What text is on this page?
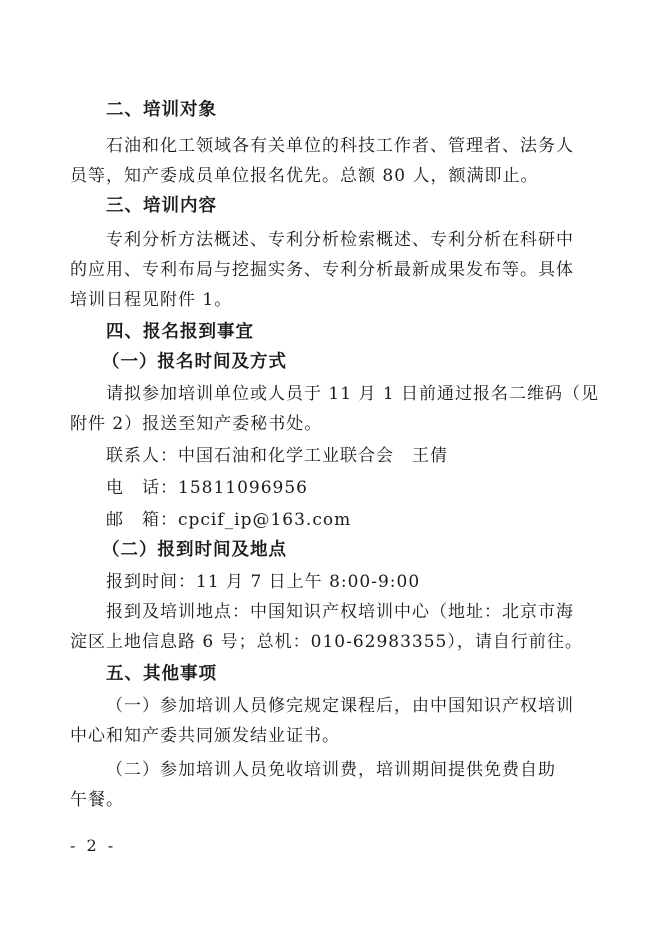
二、培训对象
石油和化工领域各有关单位的科技工作者、管理者、法务人
员等，知产委成员单位报名优先。总额 80 人，额满即止。
三、培训内容
专利分析方法概述、专利分析检索概述、专利分析在科研中
的应用、专利布局与挖掘实务、专利分析最新成果发布等。具体
培训日程见附件 1。
四、报名报到事宜
（一）报名时间及方式
请拟参加培训单位或人员于 11 月 1 日前通过报名二维码（见
附件 2）报送至知产委秘书处。
联系人：中国石油和化学工业联合会　王倩
电　话：15811096956
邮　箱：cpcif_ip@163.com
（二）报到时间及地点
报到时间：11 月 7 日上午 8:00-9:00
报到及培训地点：中国知识产权培训中心（地址：北京市海
淀区上地信息路 6 号；总机：010-62983355），请自行前往。
五、其他事项
（一）参加培训人员修完规定课程后，由中国知识产权培训
中心和知产委共同颁发结业证书。
（二）参加培训人员免收培训费，培训期间提供免费自助
午餐。
- 2 -
